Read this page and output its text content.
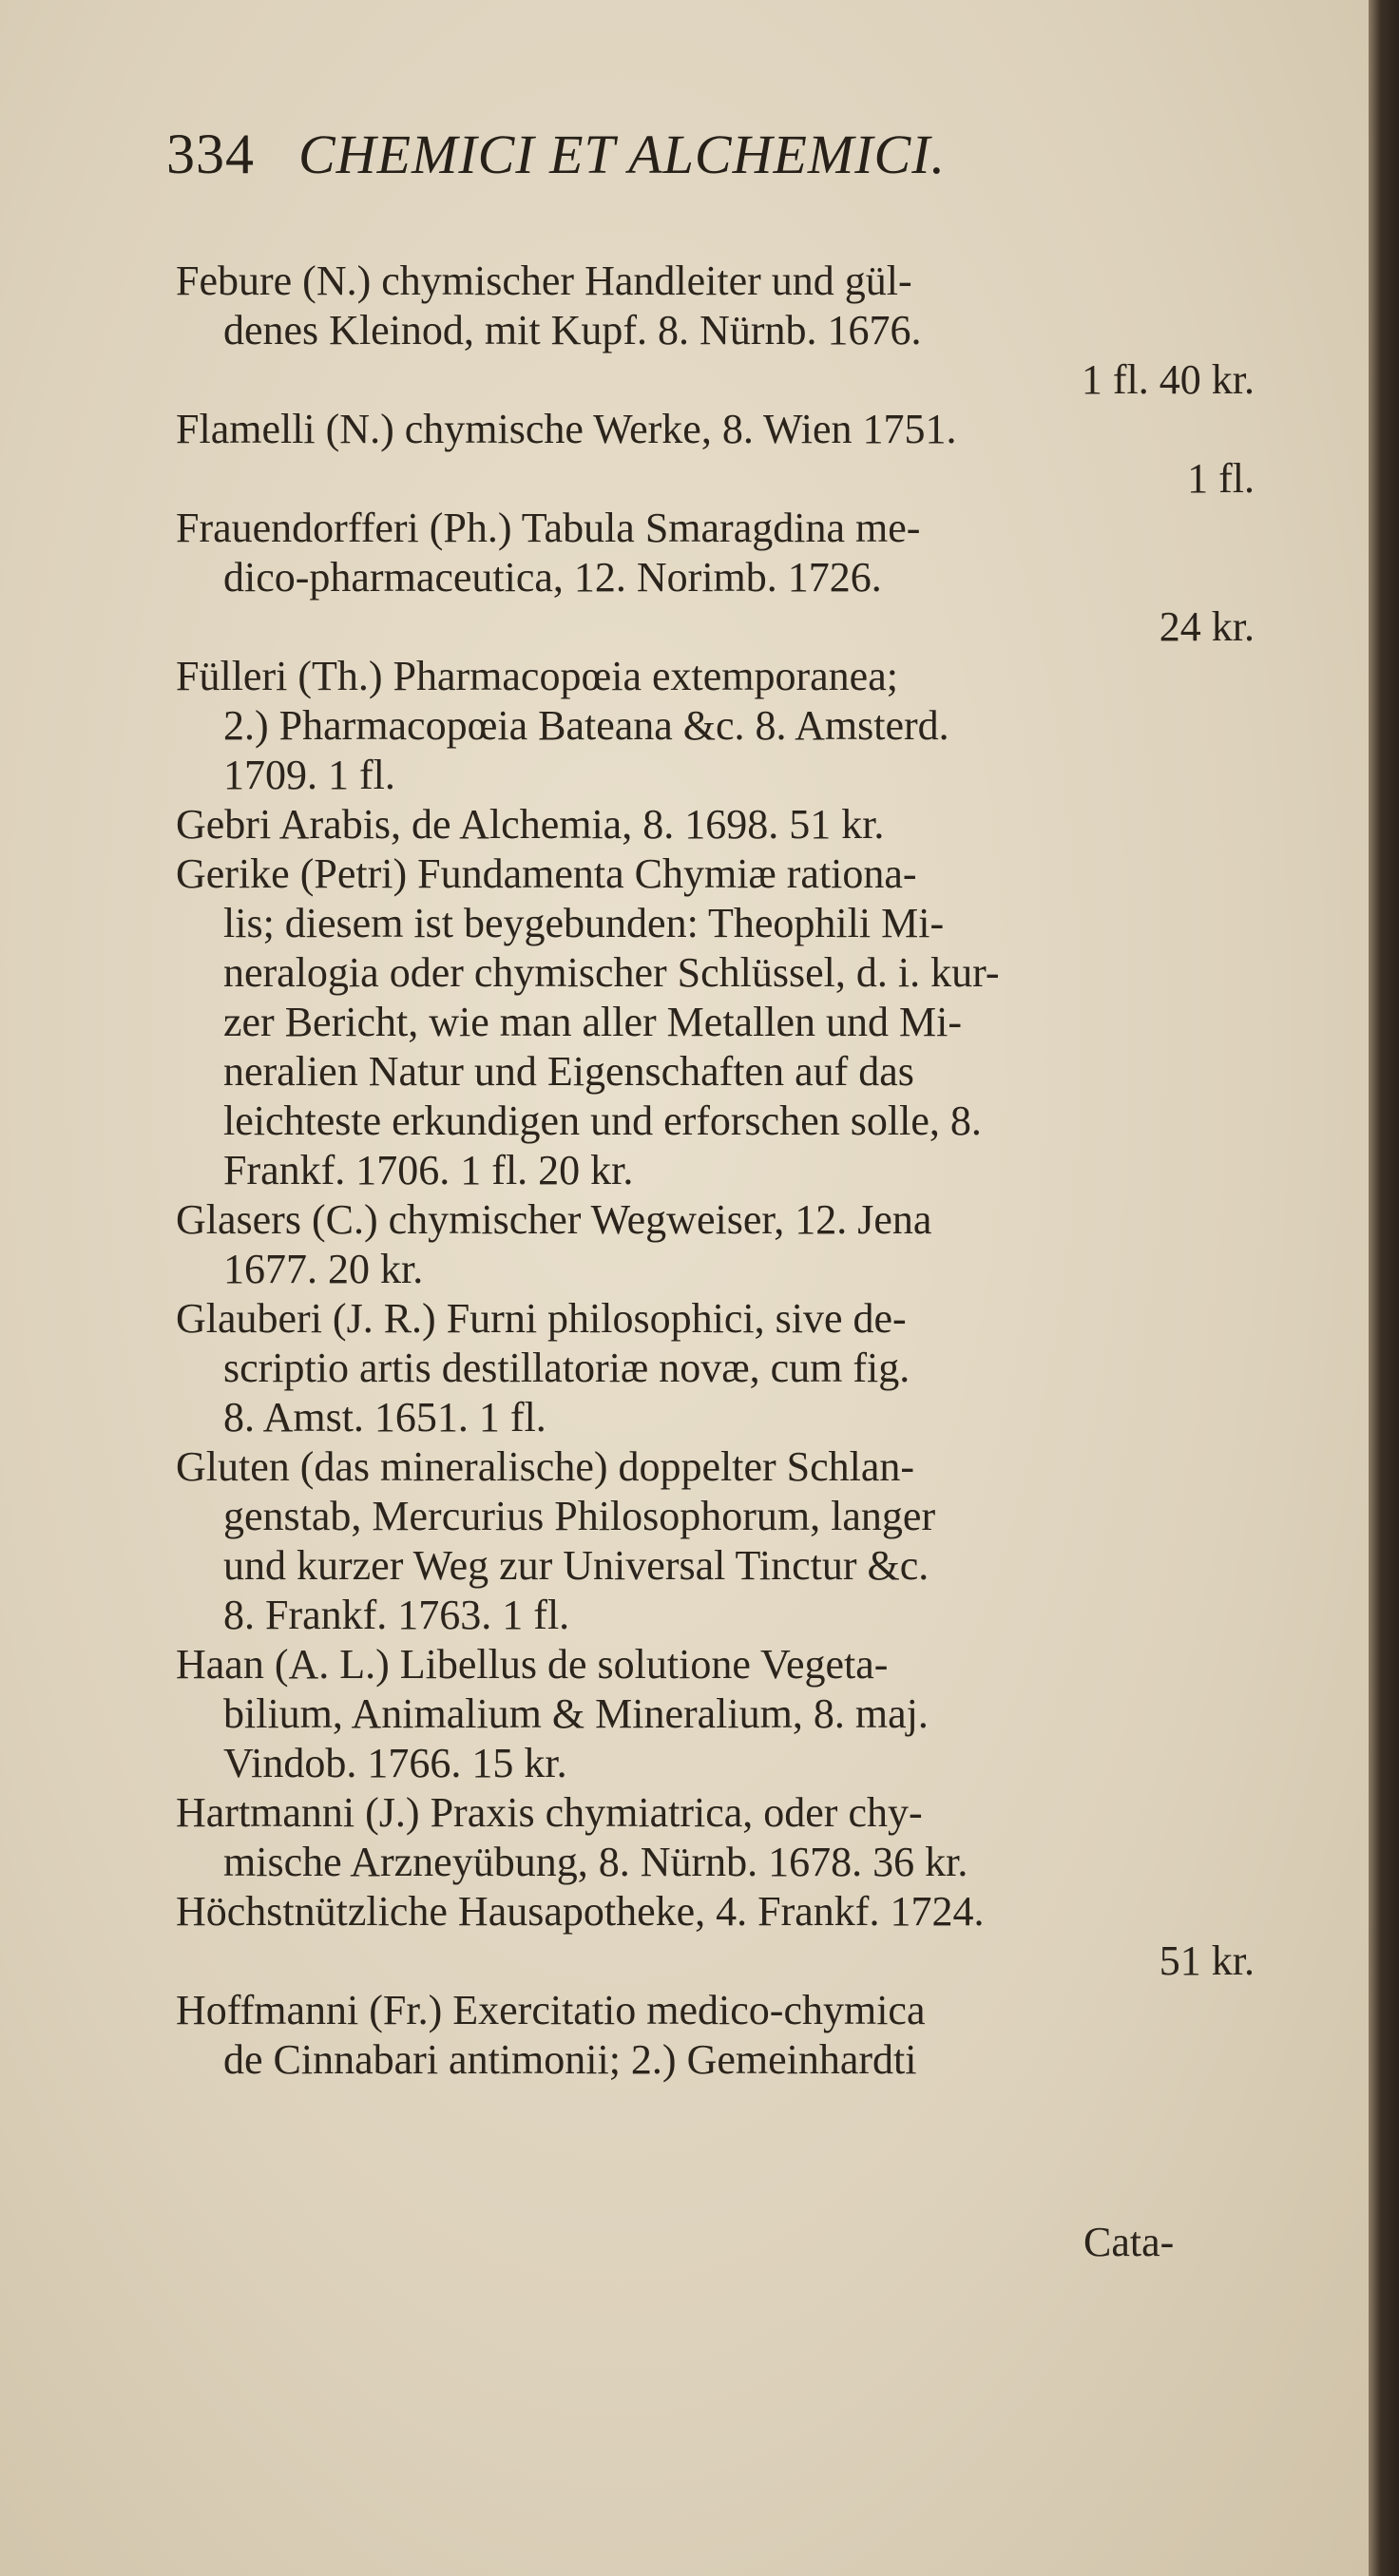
334 CHEMICI ET ALCHEMICI.
Febure (N.) chymischer Handleiter und gül-
denes Kleinod, mit Kupf. 8. Nürnb. 1676.
1 fl. 40 kr.
Flamelli (N.) chymische Werke, 8. Wien 1751.
1 fl.
Frauendorfferi (Ph.) Tabula Smaragdina me-
dico-pharmaceutica, 12. Norimb. 1726.
24 kr.
Fülleri (Th.) Pharmacopœia extemporanea;
2.) Pharmacopœia Bateana &c. 8. Amsterd.
1709. 1 fl.
Gebri Arabis, de Alchemia, 8. 1698. 51 kr.
Gerike (Petri) Fundamenta Chymiæ rationa-
lis; diesem ist beygebunden: Theophili Mi-
neralogia oder chymischer Schlüssel, d. i. kur-
zer Bericht, wie man aller Metallen und Mi-
neralien Natur und Eigenschaften auf das
leichteste erkundigen und erforschen solle, 8.
Frankf. 1706. 1 fl. 20 kr.
Glasers (C.) chymischer Wegweiser, 12. Jena
1677. 20 kr.
Glauberi (J. R.) Furni philosophici, sive de-
scriptio artis destillatoriæ novæ, cum fig.
8. Amst. 1651. 1 fl.
Gluten (das mineralische) doppelter Schlan-
genstab, Mercurius Philosophorum, langer
und kurzer Weg zur Universal Tinctur &c.
8. Frankf. 1763. 1 fl.
Haan (A. L.) Libellus de solutione Vegeta-
bilium, Animalium & Mineralium, 8. maj.
Vindob. 1766. 15 kr.
Hartmanni (J.) Praxis chymiatrica, oder chy-
mische Arzneyübung, 8. Nürnb. 1678. 36 kr.
Höchstnützliche Hausapotheke, 4. Frankf. 1724.
51 kr.
Hoffmanni (Fr.) Exercitatio medico-chymica
de Cinnabari antimonii; 2.) Gemeinhardti
Cata-
